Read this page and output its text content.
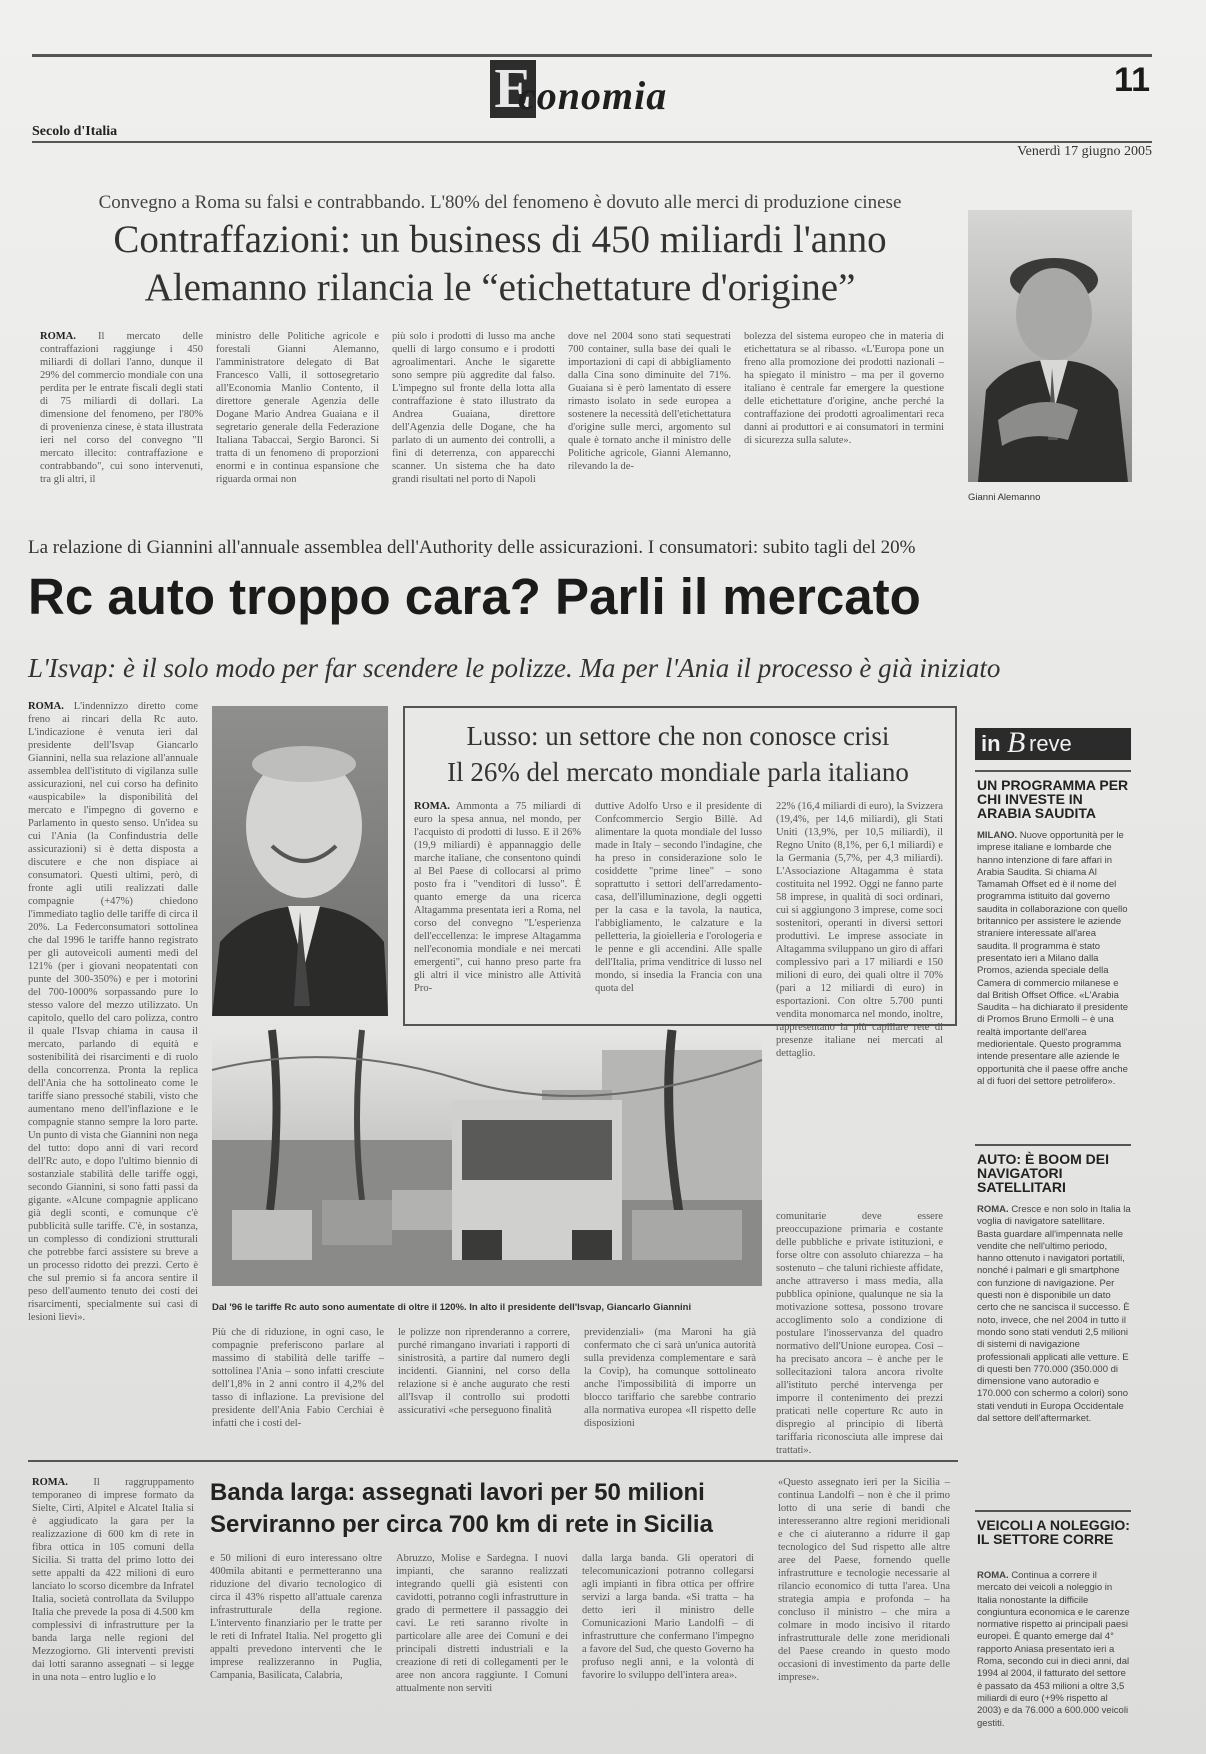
E
conomia	11
Secolo d'Italia
Venerdì 17 giugno 2005
Convegno a Roma su falsi e contrabbando. L'80% del fenomeno è dovuto alle merci di produzione cinese
Contraffazioni: un business di 450 miliardi l'anno
Alemanno rilancia le “etichettature d'origine”
ROMA. Il mercato delle contraffazioni raggiunge i 450 miliardi di dollari l'anno, dunque il 29% del commercio mondiale con una perdita per le entrate fiscali degli stati di 75 miliardi di dollari. La dimensione del fenomeno, per l'80% di provenienza cinese, è stata illustrata ieri nel corso del convegno "Il mercato illecito: contraffazione e contrabbando", cui sono intervenuti, tra gli altri, il
ministro delle Politiche agricole e forestali Gianni Alemanno, l'amministratore delegato di Bat Francesco Valli, il sottosegretario all'Economia Manlio Contento, il direttore generale Agenzia delle Dogane Mario Andrea Guaiana e il segretario generale della Federazione Italiana Tabaccai, Sergio Baronci. Si tratta di un fenomeno di proporzioni enormi e in continua espansione che riguarda ormai non
più solo i prodotti di lusso ma anche quelli di largo consumo e i prodotti agroalimentari. Anche le sigarette sono sempre più aggredite dal falso. L'impegno sul fronte della lotta alla contraffazione è stato illustrato da Andrea Guaiana, direttore dell'Agenzia delle Dogane, che ha parlato di un aumento dei controlli, a fini di deterrenza, con apparecchi scanner. Un sistema che ha dato grandi risultati nel porto di Napoli
dove nel 2004 sono stati sequestrati 700 container, sulla base dei quali le importazioni di capi di abbigliamento dalla Cina sono diminuite del 71%. Guaiana si è però lamentato di essere rimasto isolato in sede europea a sostenere la necessità dell'etichettatura d'origine sulle merci, argomento sul quale è tornato anche il ministro delle Politiche agricole, Gianni Alemanno, rilevando la de-
bolezza del sistema europeo che in materia di etichettatura se al ribasso. «L'Europa pone un freno alla promozione dei prodotti nazionali – ha spiegato il ministro – ma per il governo italiano è centrale far emergere la questione delle etichettature d'origine, anche perché la contraffazione dei prodotti agroalimentari reca danni ai produttori e ai consumatori in termini di sicurezza sulla salute».
Gianni Alemanno
La relazione di Giannini all'annuale assemblea dell'Authority delle assicurazioni. I consumatori: subito tagli del 20%
Rc auto troppo cara? Parli il mercato
L'Isvap: è il solo modo per far scendere le polizze. Ma per l'Ania il processo è già iniziato
ROMA. L'indennizzo diretto come freno ai rincari della Rc auto. L'indicazione è venuta ieri dal presidente dell'Isvap Giancarlo Giannini, nella sua relazione all'annuale assemblea dell'istituto di vigilanza sulle assicurazioni, nel cui corso ha definito «auspicabile» la disponibilità del mercato e l'impegno di governo e Parlamento in questo senso. Un'idea su cui l'Ania (la Confindustria delle assicurazioni) si è detta disposta a discutere e che non dispiace ai consumatori. Questi ultimi, però, di fronte agli utili realizzati dalle compagnie (+47%) chiedono l'immediato taglio delle tariffe di circa il 20%. La Federconsumatori sottolinea che dal 1996 le tariffe hanno registrato per gli autoveicoli aumenti medi del 121% (per i giovani neopatentati con punte del 300-350%) e per i motorini del 700-1000% sorpassando pure lo stesso valore del mezzo utilizzato. Un capitolo, quello del caro polizza, contro il quale l'Isvap chiama in causa il mercato, parlando di equità e sostenibilità dei risarcimenti e di ruolo della concorrenza. Pronta la replica dell'Ania che ha sottolineato come le tariffe siano pressoché stabili, visto che aumentano meno dell'inflazione e le compagnie stanno sempre la loro parte. Un punto di vista che Giannini non nega del tutto: dopo anni di vari record dell'Rc auto, e dopo l'ultimo biennio di sostanziale stabilità delle tariffe oggi, secondo Giannini, si sono fatti passi da gigante. «Alcune compagnie applicano già degli sconti, e comunque c'è pubblicità sulle tariffe. C'è, in sostanza, un complesso di condizioni strutturali che potrebbe farci assistere su breve a un processo ridotto dei prezzi. Certo è che sul premio si fa ancora sentire il peso dell'aumento tenuto dei costi dei risarcimenti, specialmente sui casi di lesioni lievi».
Lusso: un settore che non conosce crisi
Il 26% del mercato mondiale parla italiano
ROMA. Ammonta a 75 miliardi di euro la spesa annua, nel mondo, per l'acquisto di prodotti di lusso. E il 26% (19,9 miliardi) è appannaggio delle marche italiane, che consentono quindi al Bel Paese di collocarsi al primo posto fra i "venditori di lusso". È quanto emerge da una ricerca Altagamma presentata ieri a Roma, nel corso del convegno "L'esperienza dell'eccellenza: le imprese Altagamma nell'economia mondiale e nei mercati emergenti", cui hanno preso parte fra gli altri il vice ministro alle Attività Pro-
duttive Adolfo Urso e il presidente di Confcommercio Sergio Billè. Ad alimentare la quota mondiale del lusso made in Italy – secondo l'indagine, che ha preso in considerazione solo le cosiddette "prime linee" – sono soprattutto i settori dell'arredamento-casa, dell'illuminazione, degli oggetti per la casa e la tavola, la nautica, l'abbigliamento, le calzature e la pelletteria, la gioielleria e l'orologeria e le penne e gli accendini. Alle spalle dell'Italia, prima venditrice di lusso nel mondo, si insedia la Francia con una quota del
22% (16,4 miliardi di euro), la Svizzera (19,4%, per 14,6 miliardi), gli Stati Uniti (13,9%, per 10,5 miliardi), il Regno Unito (8,1%, per 6,1 miliardi) e la Germania (5,7%, per 4,3 miliardi). L'Associazione Altagamma è stata costituita nel 1992. Oggi ne fanno parte 58 imprese, in qualità di soci ordinari, cui si aggiungono 3 imprese, come soci sostenitori, operanti in diversi settori produttivi. Le imprese associate in Altagamma sviluppano un giro di affari complessivo pari a 17 miliardi e 150 milioni di euro, dei quali oltre il 70% (pari a 12 miliardi di euro) in esportazioni. Con oltre 5.700 punti vendita monomarca nel mondo, inoltre, rappresentano la più capillare rete di presenze italiane nei mercati al dettaglio.
Dal '96 le tariffe Rc auto sono aumentate di oltre il 120%. In alto il presidente dell'Isvap, Giancarlo Giannini
comunitarie deve essere preoccupazione primaria e costante delle pubbliche e private istituzioni, e forse oltre con assoluto chiarezza – ha sostenuto – che taluni richieste affidate, anche attraverso i mass media, alla pubblica opinione, qualunque ne sia la motivazione sottesa, possono trovare accoglimento solo a condizione di postulare l'inosservanza del quadro normativo dell'Unione europea. Così – ha precisato ancora – è anche per le sollecitazioni talora ancora rivolte all'istituto perché intervenga per imporre il contenimento dei prezzi praticati nelle coperture Rc auto in dispregio al principio di libertà tariffaria riconosciuta alle imprese dai trattati».
Più che di riduzione, in ogni caso, le compagnie preferiscono parlare al massimo di stabilità delle tariffe – sottolinea l'Ania – sono infatti cresciute dell'1,8% in 2 anni contro il 4,2% del tasso di inflazione. La previsione del presidente dell'Ania Fabio Cerchiai è infatti che i costi del-
le polizze non riprenderanno a correre, purché rimangano invariati i rapporti di sinistrosità, a partire dal numero degli incidenti. Giannini, nel corso della relazione si è anche augurato che resti all'Isvap il controllo sui prodotti assicurativi «che perseguono finalità
previdenziali» (ma Maroni ha già confermato che ci sarà un'unica autorità sulla previdenza complementare e sarà la Covip), ha comunque sottolineato anche l'impossibilità di imporre un blocco tariffario che sarebbe contrario alla normativa europea «Il rispetto delle disposizioni
in B reve
UN PROGRAMMA PER CHI INVESTE IN ARABIA SAUDITA
MILANO. Nuove opportunità per le imprese italiane e lombarde che hanno intenzione di fare affari in Arabia Saudita. Si chiama Al Tamamah Offset ed è il nome del programma istituito dal governo saudita in collaborazione con quello britannico per assistere le aziende straniere interessate all'area saudita. Il programma è stato presentato ieri a Milano dalla Promos, azienda speciale della Camera di commercio milanese e dal British Offset Office. «L'Arabia Saudita – ha dichiarato il presidente di Promos Bruno Ermolli – è una realtà importante dell'area mediorientale. Questo programma intende presentare alle aziende le opportunità che il paese offre anche al di fuori del settore petrolifero».
AUTO: È BOOM DEI NAVIGATORI SATELLITARI
ROMA. Cresce e non solo in Italia la voglia di navigatore satellitare. Basta guardare all'impennata nelle vendite che nell'ultimo periodo, hanno ottenuto i navigatori portatili, nonché i palmari e gli smartphone con funzione di navigazione. Per questi non è disponibile un dato certo che ne sancisca il successo. È noto, invece, che nel 2004 in tutto il mondo sono stati venduti 2,5 milioni di sistemi di navigazione professionali applicati alle vetture. E di questi ben 770.000 (350.000 di dimensione vano autoradio e 170.000 con schermo a colori) sono stati venduti in Europa Occidentale dal settore dell'aftermarket.
VEICOLI A NOLEGGIO: IL SETTORE CORRE
ROMA. Continua a correre il mercato dei veicoli a noleggio in Italia nonostante la difficile congiuntura economica e le carenze normative rispetto ai principali paesi europei. È quanto emerge dal 4° rapporto Aniasa presentato ieri a Roma, secondo cui in dieci anni, dal 1994 al 2004, il fatturato del settore è passato da 453 milioni a oltre 3,5 miliardi di euro (+9% rispetto al 2003) e da 76.000 a 600.000 veicoli gestiti.
ROMA. Il raggruppamento temporaneo di imprese formato da Sielte, Cirti, Alpitel e Alcatel Italia si è aggiudicato la gara per la realizzazione di 600 km di rete in fibra ottica in 105 comuni della Sicilia. Si tratta del primo lotto dei sette appalti da 422 milioni di euro lanciato lo scorso dicembre da Infratel Italia, società controllata da Sviluppo Italia che prevede la posa di 4.500 km complessivi di infrastrutture per la banda larga nelle regioni del Mezzogiorno. Gli interventi previsti dai lotti saranno assegnati – si legge in una nota – entro luglio e lo
Banda larga: assegnati lavori per 50 milioni
Serviranno per circa 700 km di rete in Sicilia
e 50 milioni di euro interessano oltre 400mila abitanti e permetteranno una riduzione del divario tecnologico di circa il 43% rispetto all'attuale carenza infrastrutturale della regione. L'intervento finanziario per le tratte per le reti di Infratel Italia. Nel progetto gli appalti prevedono interventi che le imprese realizzeranno in Puglia, Campania, Basilicata, Calabria,
Abruzzo, Molise e Sardegna. I nuovi impianti, che saranno realizzati integrando quelli già esistenti con cavidotti, potranno cogli infrastrutture in grado di permettere il passaggio dei cavi. Le reti saranno rivolte in particolare alle aree dei Comuni e dei principali distretti industriali e la creazione di reti di collegamenti per le aree non ancora raggiunte. I Comuni attualmente non serviti
dalla larga banda. Gli operatori di telecomunicazioni potranno collegarsi agli impianti in fibra ottica per offrire servizi a larga banda. «Si tratta – ha detto ieri il ministro delle Comunicazioni Mario Landolfi – di infrastrutture che confermano l'impegno a favore del Sud, che questo Governo ha profuso negli anni, e la volontà di favorire lo sviluppo dell'intera area».
«Questo assegnato ieri per la Sicilia – continua Landolfi – non è che il primo lotto di una serie di bandi che interesseranno altre regioni meridionali e che ci aiuteranno a ridurre il gap tecnologico del Sud rispetto alle altre aree del Paese, fornendo quelle infrastrutture e tecnologie necessarie al rilancio economico di tutta l'area. Una strategia ampia e profonda – ha concluso il ministro – che mira a colmare in modo incisivo il ritardo infrastrutturale delle zone meridionali del Paese creando in questo modo occasioni di investimento da parte delle imprese».
